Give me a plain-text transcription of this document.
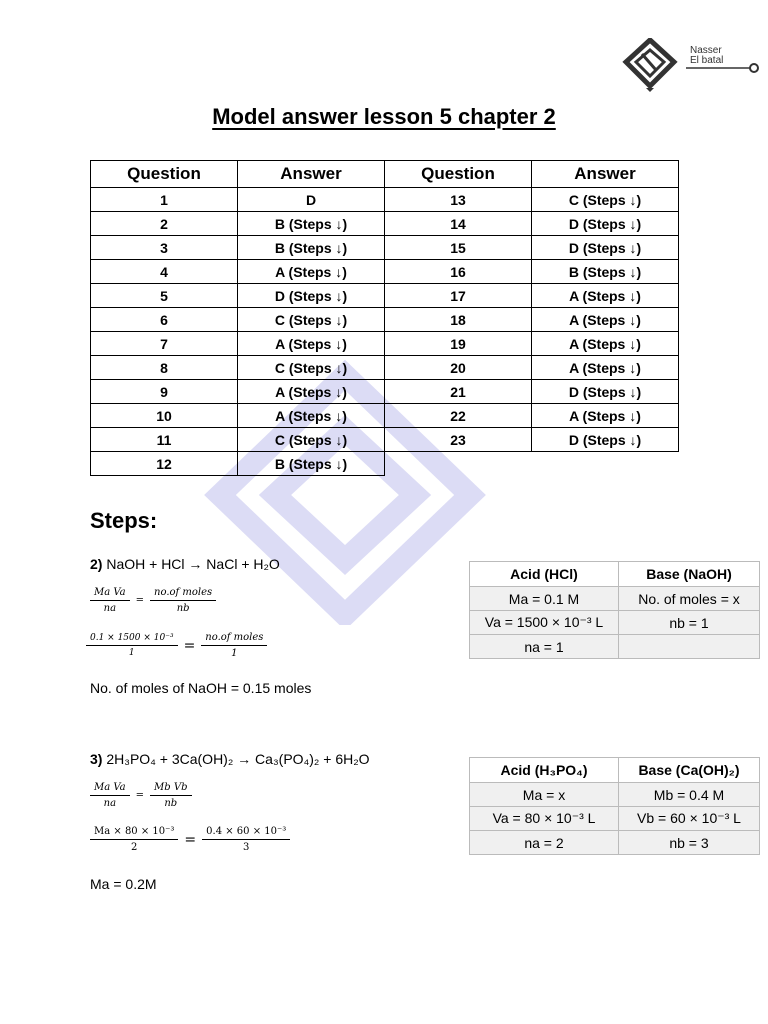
Nasser
El batal
Model answer lesson 5 chapter 2
Question	Answer	Question	Answer
1	D	13	C (Steps ↓)
2	B (Steps ↓)	14	D (Steps ↓)
3	B (Steps ↓)	15	D (Steps ↓)
4	A (Steps ↓)	16	B (Steps ↓)
5	D (Steps ↓)	17	A (Steps ↓)
6	C (Steps ↓)	18	A (Steps ↓)
7	A (Steps ↓)	19	A (Steps ↓)
8	C (Steps ↓)	20	A (Steps ↓)
9	A (Steps ↓)	21	D (Steps ↓)
10	A (Steps ↓)	22	A (Steps ↓)
11	C (Steps ↓)	23	D (Steps ↓)
12	B (Steps ↓)		
Steps:
2) NaOH + HCl → NaCl + H₂O
$\frac{\text{Ma Va}}{na} = \frac{\text{no.of moles}}{nb}$
$\frac{\text{0.1 × 1500 × 10⁻³}}{1} = \frac{\text{no.of moles}}{1}$
No. of moles of NaOH = 0.15 moles
Acid (HCl)	Base (NaOH)
Ma = 0.1 M	No. of moles = x
Va = 1500 × 10⁻³ L	nb = 1
na = 1	
3) 2H₃PO₄ + 3Ca(OH)₂ → Ca₃(PO₄)₂ + 6H₂O
$\frac{\text{Ma Va}}{na} = \frac{\text{Mb Vb}}{nb}$
$\frac{\text{Ma × 80 × 10⁻³}}{2} = \frac{\text{0.4 × 60 × 10⁻³}}{3}$
Ma = 0.2M
Acid (H₃PO₄)	Base (Ca(OH)₂)
Ma = x	Mb = 0.4 M
Va = 80 × 10⁻³ L	Vb = 60 × 10⁻³ L
na = 2	nb = 3
